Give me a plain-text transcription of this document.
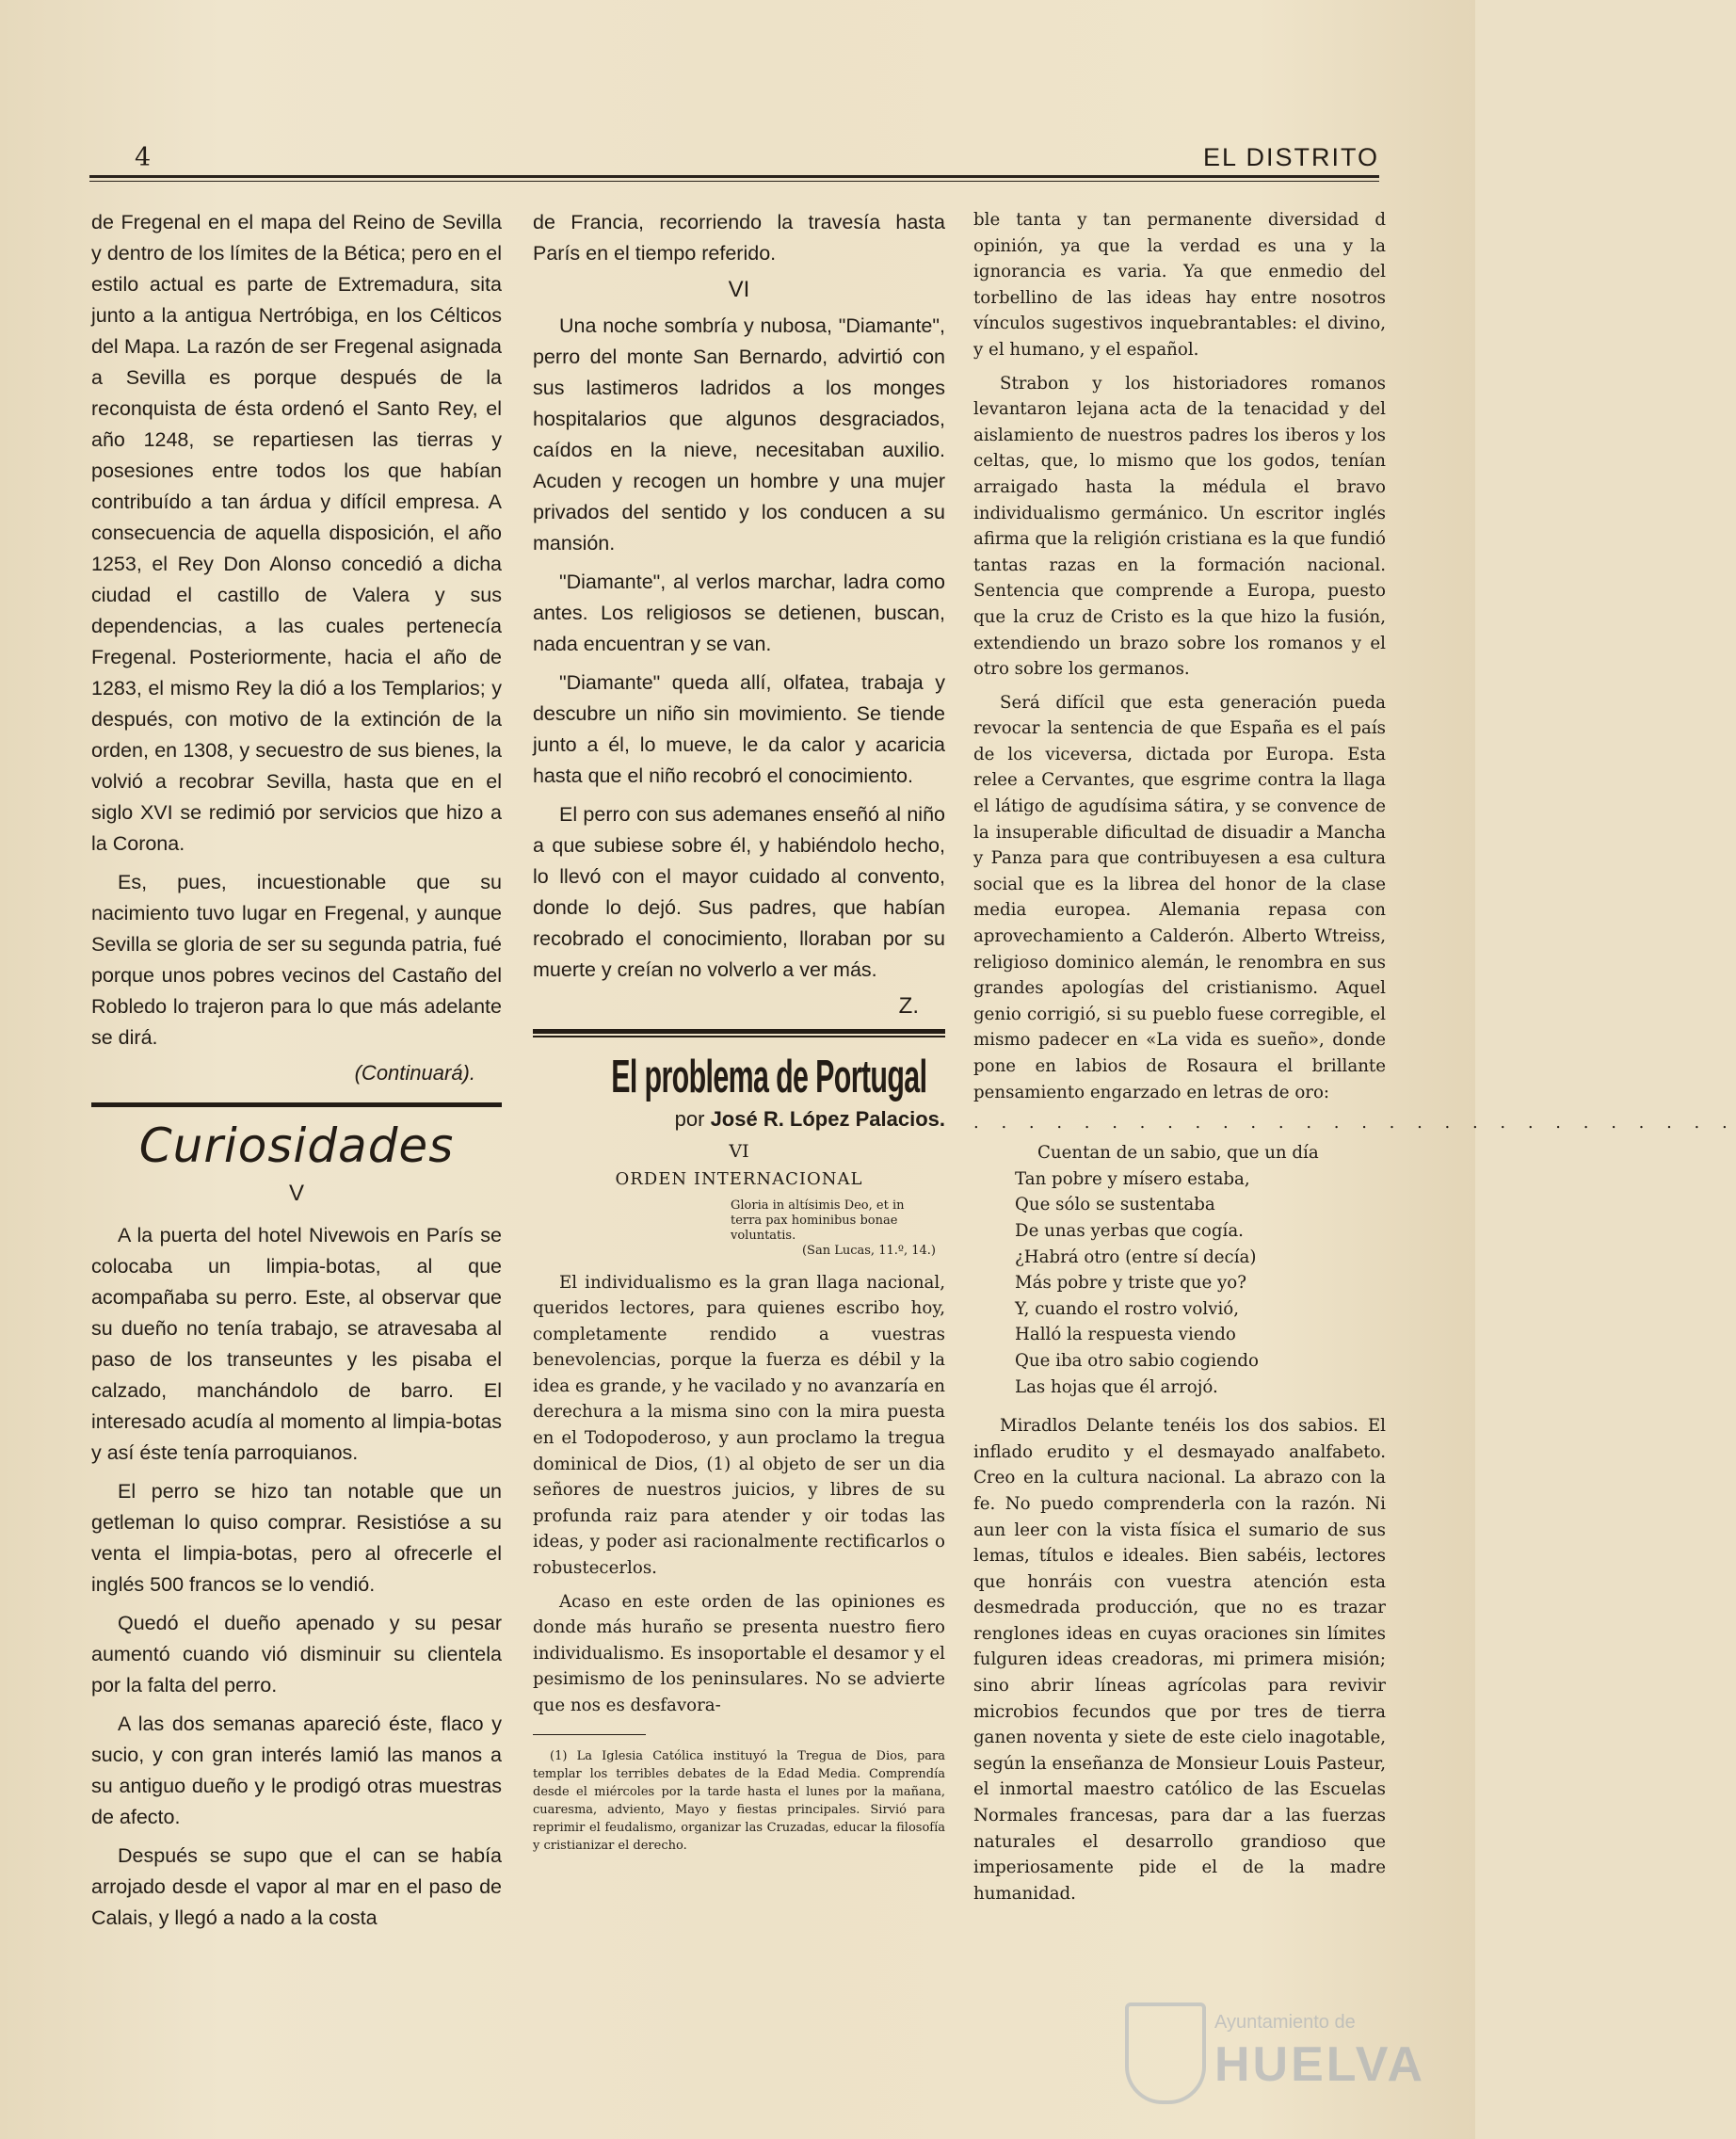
4	EL DISTRITO

de Fregenal en el mapa del Reino de Sevilla y dentro de los límites de la Bética; pero en el estilo actual es parte de Extremadura, sita junto a la antigua Nertróbiga, en los Célticos del Mapa. La razón de ser Fregenal asignada a Sevilla es porque después de la reconquista de ésta ordenó el Santo Rey, el año 1248, se repartiesen las tierras y posesiones entre todos los que habían contribuído a tan árdua y difícil empresa. A consecuencia de aquella disposición, el año 1253, el Rey Don Alonso concedió a dicha ciudad el castillo de Valera y sus dependencias, a las cuales pertenecía Fregenal. Posteriormente, hacia el año de 1283, el mismo Rey la dió a los Templarios; y después, con motivo de la extinción de la orden, en 1308, y secuestro de sus bienes, la volvió a recobrar Sevilla, hasta que en el siglo XVI se redimió por servicios que hizo a la Corona.

Es, pues, incuestionable que su nacimiento tuvo lugar en Fregenal, y aunque Sevilla se gloria de ser su segunda patria, fué porque unos pobres vecinos del Castaño del Robledo lo trajeron para lo que más adelante se dirá.

(Continuará).
Curiosidades
V

A la puerta del hotel Nivewois en París se colocaba un limpia-botas, al que acompañaba su perro. Este, al observar que su dueño no tenía trabajo, se atravesaba al paso de los transeuntes y les pisaba el calzado, manchándolo de barro. El interesado acudía al momento al limpia-botas y así éste tenía parroquianos.

El perro se hizo tan notable que un getleman lo quiso comprar. Resistióse a su venta el limpia-botas, pero al ofrecerle el inglés 500 francos se lo vendió.

Quedó el dueño apenado y su pesar aumentó cuando vió disminuir su clientela por la falta del perro.

A las dos semanas apareció éste, flaco y sucio, y con gran interés lamió las manos a su antiguo dueño y le prodigó otras muestras de afecto.

Después se supo que el can se había arrojado desde el vapor al mar en el paso de Calais, y llegó a nado a la costa

de Francia, recorriendo la travesía hasta París en el tiempo referido.

VI

Una noche sombría y nubosa, "Diamante", perro del monte San Bernardo, advirtió con sus lastimeros ladridos a los monges hospitalarios que algunos desgraciados, caídos en la nieve, necesitaban auxilio. Acuden y recogen un hombre y una mujer privados del sentido y los conducen a su mansión.

"Diamante", al verlos marchar, ladra como antes. Los religiosos se detienen, buscan, nada encuentran y se van.

"Diamante" queda allí, olfatea, trabaja y descubre un niño sin movimiento. Se tiende junto a él, lo mueve, le da calor y acaricia hasta que el niño recobró el conocimiento.

El perro con sus ademanes enseñó al niño a que subiese sobre él, y habiéndolo hecho, lo llevó con el mayor cuidado al convento, donde lo dejó. Sus padres, que habían recobrado el conocimiento, lloraban por su muerte y creían no volverlo a ver más.

Z.
El problema de Portugal
por José R. López Palacios.
VI
ORDEN INTERNACIONAL
Gloria in altísimis Deo, et in terra pax hominibus bonae voluntatis.
(San Lucas, 11.º, 14.)

El individualismo es la gran llaga nacional, queridos lectores, para quienes escribo hoy, completamente rendido a vuestras benevolencias, porque la fuerza es débil y la idea es grande, y he vacilado y no avanzaría en derechura a la misma sino con la mira puesta en el Todopoderoso, y aun proclamo la tregua dominical de Dios, (1) al objeto de ser un dia señores de nuestros juicios, y libres de su profunda raiz para atender y oir todas las ideas, y poder asi racionalmente rectificarlos o robustecerlos.

Acaso en este orden de las opiniones es donde más huraño se presenta nuestro fiero individualismo. Es insoportable el desamor y el pesimismo de los peninsulares. No se advierte que nos es desfavora-

(1) La Iglesia Católica instituyó la Tregua de Dios, para templar los terribles debates de la Edad Media. Comprendía desde el miércoles por la tarde hasta el lunes por la mañana, cuaresma, adviento, Mayo y fiestas principales. Sirvió para reprimir el feudalismo, organizar las Cruzadas, educar la filosofía y cristianizar el derecho.

ble tanta y tan permanente diversidad d opinión, ya que la verdad es una y la ignorancia es varia. Ya que enmedio del torbellino de las ideas hay entre nosotros vínculos sugestivos inquebrantables: el divino, y el humano, y el español.

Strabon y los historiadores romanos levantaron lejana acta de la tenacidad y del aislamiento de nuestros padres los iberos y los celtas, que, lo mismo que los godos, tenían arraigado hasta la médula el bravo individualismo germánico. Un escritor inglés afirma que la religión cristiana es la que fundió tantas razas en la formación nacional. Sentencia que comprende a Europa, puesto que la cruz de Cristo es la que hizo la fusión, extendiendo un brazo sobre los romanos y el otro sobre los germanos.

Será difícil que esta generación pueda revocar la sentencia de que España es el país de los viceversa, dictada por Europa. Esta relee a Cervantes, que esgrime contra la llaga el látigo de agudísima sátira, y se convence de la insuperable dificultad de disuadir a Mancha y Panza para que contribuyesen a esa cultura social que es la librea del honor de la clase media europea. Alemania repasa con aprovechamiento a Calderón. Alberto Wtreiss, religioso dominico alemán, le renombra en sus grandes apologías del cristianismo. Aquel genio corrigió, si su pueblo fuese corregible, el mismo padecer en «La vida es sueño», donde pone en labios de Rosaura el brillante pensamiento engarzado en letras de oro:

. . . . . . . . . . . . . . . . . . . . . . . . . . . .
Cuentan de un sabio, que un día
Tan pobre y mísero estaba,
Que sólo se sustentaba
De unas yerbas que cogía.
¿Habrá otro (entre sí decía)
Más pobre y triste que yo?
Y, cuando el rostro volvió,
Halló la respuesta viendo
Que iba otro sabio cogiendo
Las hojas que él arrojó.

Miradlos Delante tenéis los dos sabios. El inflado erudito y el desmayado analfabeto. Creo en la cultura nacional. La abrazo con la fe. No puedo comprenderla con la razón. Ni aun leer con la vista física el sumario de sus lemas, títulos e ideales. Bien sabéis, lectores que honráis con vuestra atención esta desmedrada producción, que no es trazar renglones ideas en cuyas oraciones sin límites fulguren ideas creadoras, mi primera misión; sino abrir líneas agrícolas para revivir microbios fecundos que por tres de tierra ganen noventa y siete de este cielo inagotable, según la enseñanza de Monsieur Louis Pasteur, el inmortal maestro católico de las Escuelas Normales francesas, para dar a las fuerzas naturales el desarrollo grandioso que imperiosamente pide el de la madre humanidad.

Ayuntamiento de
HUELVA
